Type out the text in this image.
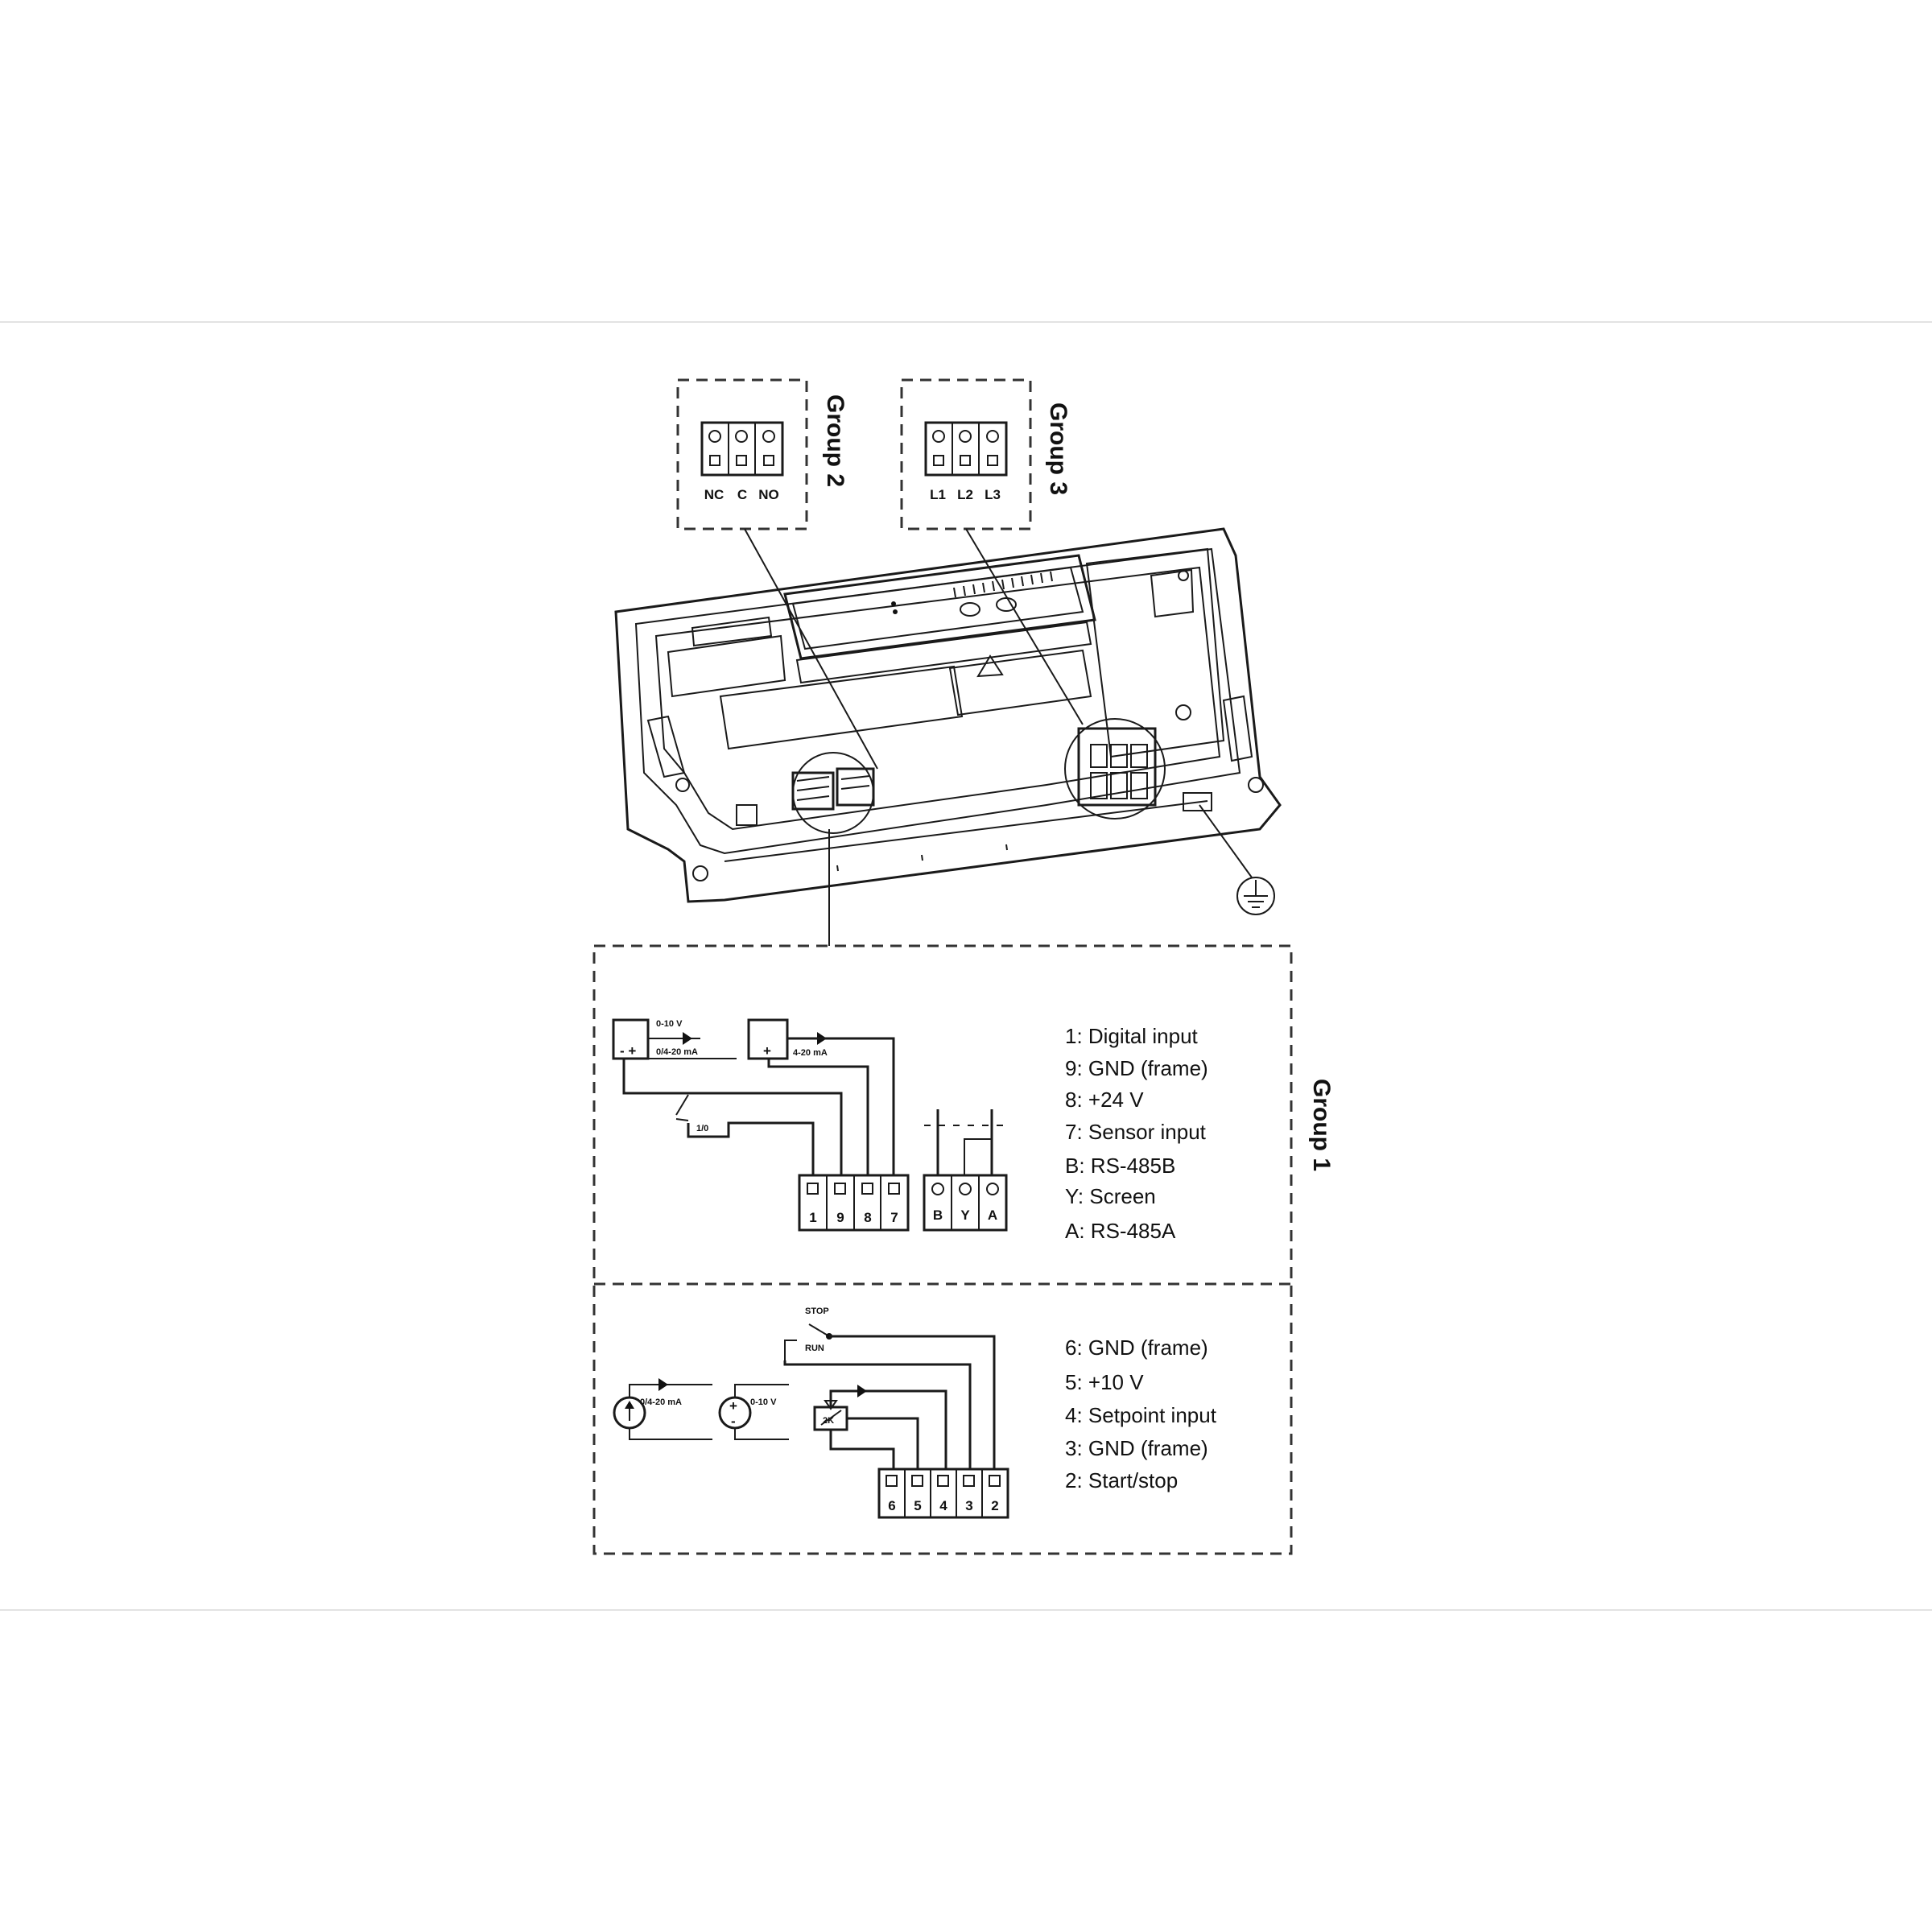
NC C NO
Group 2
L1 L2 L3 Group 3
Group 1
- +
0-10 V
0/4-20 mA	+ 4-20 mA
1/0
1 9 8 7	B Y A
1: Digital input
9: GND (frame)
8: +24 V
7: Sensor input
B: RS-485B
Y: Screen
A: RS-485A
STOP
RUN
0/4-20 mA	+
-
0-10 V
2K
6 5 4 3 2
6: GND (frame)
5: +10 V
4: Setpoint input
3: GND (frame)
2: Start/stop
